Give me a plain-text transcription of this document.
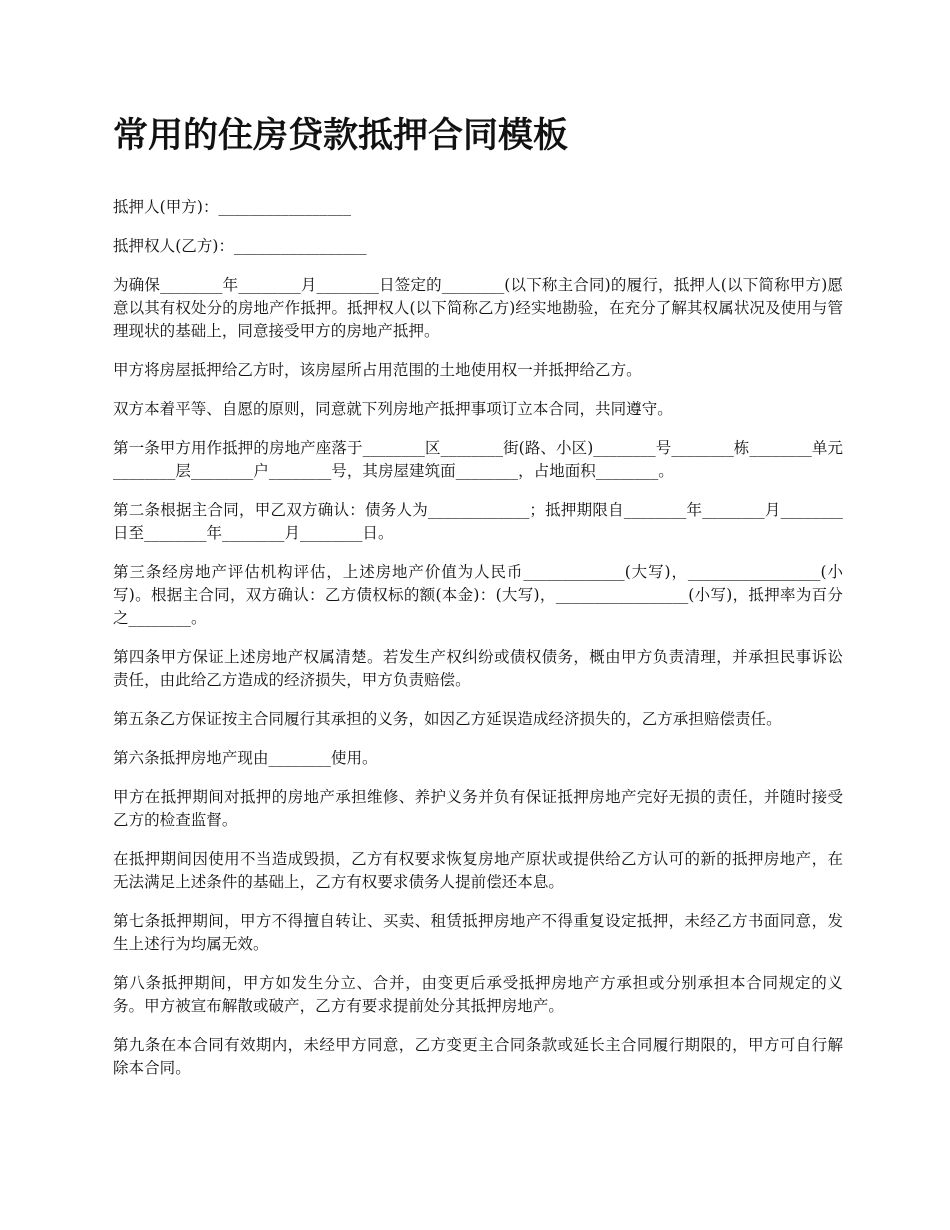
常用的住房贷款抵押合同模板

抵押人(甲方)：_________________

抵押权人(乙方)：_________________

为确保________年________月________日签定的________(以下称主合同)的履行，抵押人(以下简称甲方)愿意以其有权处分的房地产作抵押。抵押权人(以下简称乙方)经实地勘验，在充分了解其权属状况及使用与管理现状的基础上，同意接受甲方的房地产抵押。

甲方将房屋抵押给乙方时，该房屋所占用范围的土地使用权一并抵押给乙方。

双方本着平等、自愿的原则，同意就下列房地产抵押事项订立本合同，共同遵守。

第一条甲方用作抵押的房地产座落于________区________街(路、小区)________号________栋________单元________层________户________号，其房屋建筑面________，占地面积________。

第二条根据主合同，甲乙双方确认：债务人为_____________；抵押期限自________年________月________日至________年________月________日。

第三条经房地产评估机构评估，上述房地产价值为人民币_____________(大写)，_________________(小写)。根据主合同，双方确认：乙方债权标的额(本金)：(大写)，_________________(小写)，抵押率为百分之________。

第四条甲方保证上述房地产权属清楚。若发生产权纠纷或债权债务，概由甲方负责清理，并承担民事诉讼责任，由此给乙方造成的经济损失，甲方负责赔偿。

第五条乙方保证按主合同履行其承担的义务，如因乙方延误造成经济损失的，乙方承担赔偿责任。

第六条抵押房地产现由________使用。

甲方在抵押期间对抵押的房地产承担维修、养护义务并负有保证抵押房地产完好无损的责任，并随时接受乙方的检查监督。

在抵押期间因使用不当造成毁损，乙方有权要求恢复房地产原状或提供给乙方认可的新的抵押房地产，在无法满足上述条件的基础上，乙方有权要求债务人提前偿还本息。

第七条抵押期间，甲方不得擅自转让、买卖、租赁抵押房地产不得重复设定抵押，未经乙方书面同意，发生上述行为均属无效。

第八条抵押期间，甲方如发生分立、合并，由变更后承受抵押房地产方承担或分别承担本合同规定的义务。甲方被宣布解散或破产，乙方有要求提前处分其抵押房地产。

第九条在本合同有效期内，未经甲方同意，乙方变更主合同条款或延长主合同履行期限的，甲方可自行解除本合同。
